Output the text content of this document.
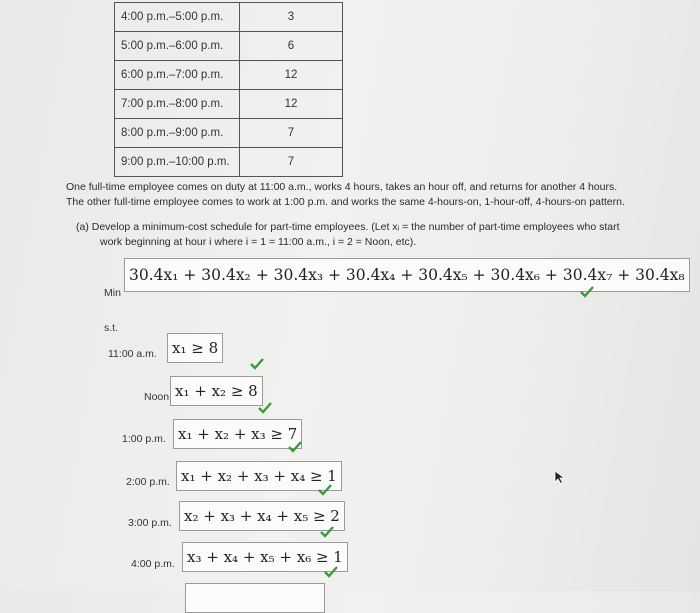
4:00 p.m.–5:00 p.m.	3
5:00 p.m.–6:00 p.m.	6
6:00 p.m.–7:00 p.m.	12
7:00 p.m.–8:00 p.m.	12
8:00 p.m.–9:00 p.m.	7
9:00 p.m.–10:00 p.m.	7
One full-time employee comes on duty at 11:00 a.m., works 4 hours, takes an hour off, and returns for another 4 hours.
The other full-time employee comes to work at 1:00 p.m. and works the same 4-hours-on, 1-hour-off, 4-hours-on pattern.
(a) Develop a minimum-cost schedule for part-time employees. (Let xᵢ = the number of part-time employees who start
work beginning at hour i where i = 1 = 11:00 a.m., i = 2 = Noon, etc).
Min
30.4x₁ + 30.4x₂ + 30.4x₃ + 30.4x₄ + 30.4x₅ + 30.4x₆ + 30.4x₇ + 30.4x₈
s.t.
11:00 a.m.	x₁ ≥ 8
Noon x₁ + x₂ ≥ 8
1:00 p.m. x₁ + x₂ + x₃ ≥ 7
2:00 p.m. x₁ + x₂ + x₃ + x₄ ≥ 1
3:00 p.m. x₂ + x₃ + x₄ + x₅ ≥ 2
4:00 p.m. x₃ + x₄ + x₅ + x₆ ≥ 1
